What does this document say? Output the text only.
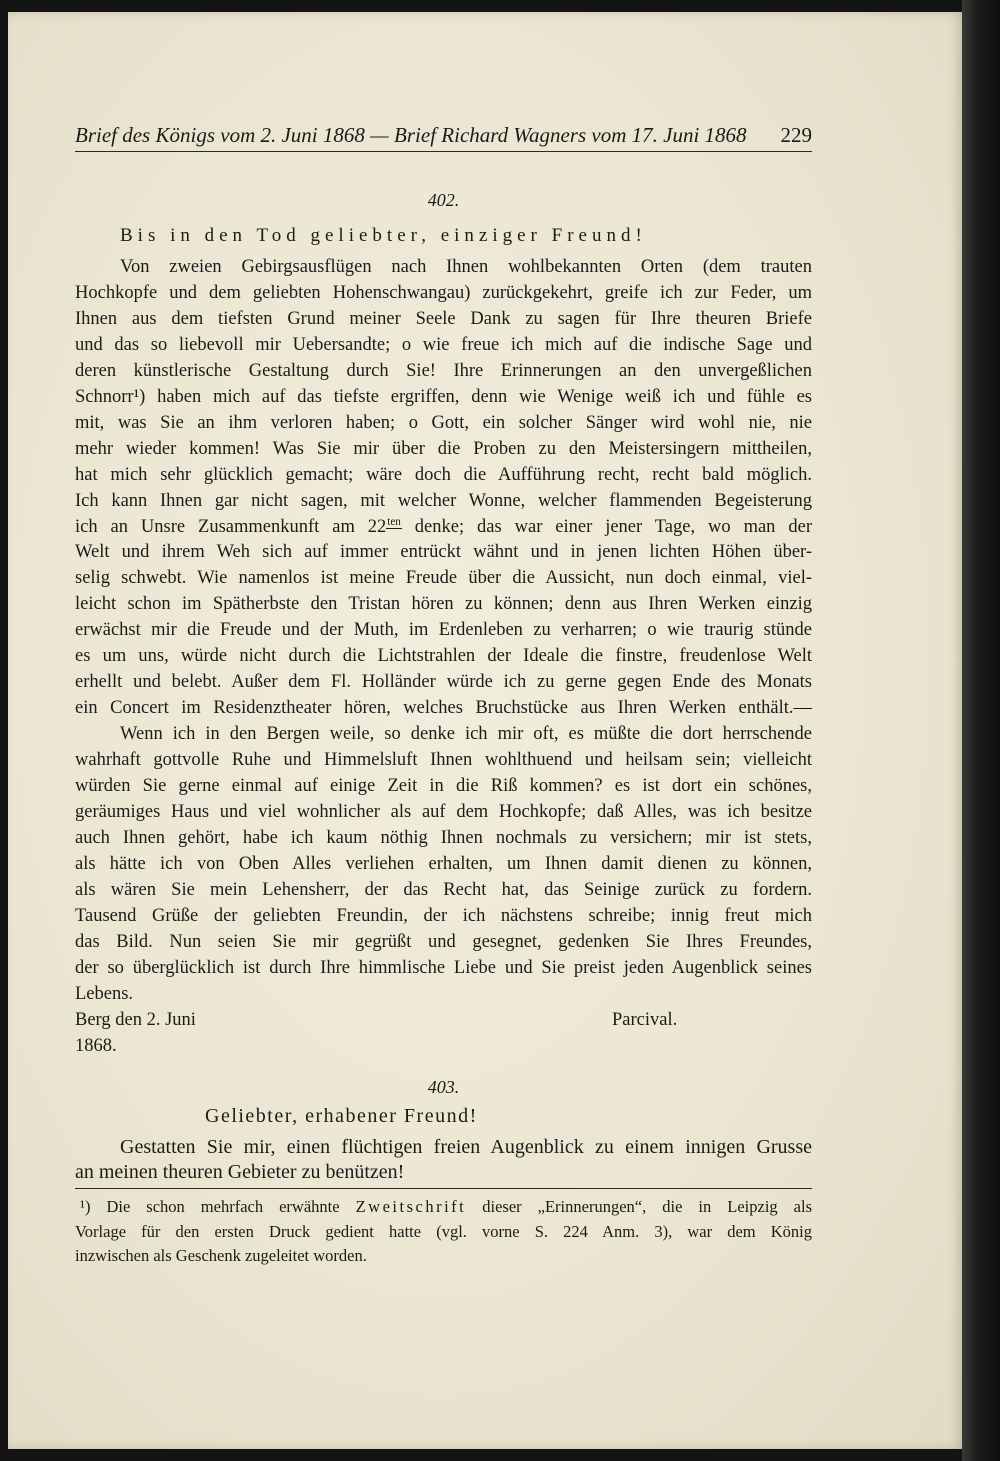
Brief des Königs vom 2. Juni 1868 — Brief Richard Wagners vom 17. Juni 1868 229
402.
Bis in den Tod geliebter, einziger Freund!
Von zweien Gebirgsausflügen nach Ihnen wohlbekannten Orten (dem trauten
Hochkopfe und dem geliebten Hohenschwangau) zurückgekehrt, greife ich zur Feder, um
Ihnen aus dem tiefsten Grund meiner Seele Dank zu sagen für Ihre theuren Briefe
und das so liebevoll mir Uebersandte; o wie freue ich mich auf die indische Sage und
deren künstlerische Gestaltung durch Sie! Ihre Erinnerungen an den unvergeßlichen
Schnorr¹) haben mich auf das tiefste ergriffen, denn wie Wenige weiß ich und fühle es
mit, was Sie an ihm verloren haben; o Gott, ein solcher Sänger wird wohl nie, nie
mehr wieder kommen! Was Sie mir über die Proben zu den Meistersingern mittheilen,
hat mich sehr glücklich gemacht; wäre doch die Aufführung recht, recht bald möglich.
Ich kann Ihnen gar nicht sagen, mit welcher Wonne, welcher flammenden Begeisterung
ich an Unsre Zusammenkunft am 22ten denke; das war einer jener Tage, wo man der
Welt und ihrem Weh sich auf immer entrückt wähnt und in jenen lichten Höhen über-
selig schwebt. Wie namenlos ist meine Freude über die Aussicht, nun doch einmal, viel-
leicht schon im Spätherbste den Tristan hören zu können; denn aus Ihren Werken einzig
erwächst mir die Freude und der Muth, im Erdenleben zu verharren; o wie traurig stünde
es um uns, würde nicht durch die Lichtstrahlen der Ideale die finstre, freudenlose Welt
erhellt und belebt. Außer dem Fl. Holländer würde ich zu gerne gegen Ende des Monats
ein Concert im Residenztheater hören, welches Bruchstücke aus Ihren Werken enthält.—
Wenn ich in den Bergen weile, so denke ich mir oft, es müßte die dort herrschende
wahrhaft gottvolle Ruhe und Himmelsluft Ihnen wohlthuend und heilsam sein; vielleicht
würden Sie gerne einmal auf einige Zeit in die Riß kommen? es ist dort ein schönes,
geräumiges Haus und viel wohnlicher als auf dem Hochkopfe; daß Alles, was ich besitze
auch Ihnen gehört, habe ich kaum nöthig Ihnen nochmals zu versichern; mir ist stets,
als hätte ich von Oben Alles verliehen erhalten, um Ihnen damit dienen zu können,
als wären Sie mein Lehensherr, der das Recht hat, das Seinige zurück zu fordern.
Tausend Grüße der geliebten Freundin, der ich nächstens schreibe; innig freut mich
das Bild. Nun seien Sie mir gegrüßt und gesegnet, gedenken Sie Ihres Freundes,
der so überglücklich ist durch Ihre himmlische Liebe und Sie preist jeden Augenblick seines
Lebens.
Berg den 2. Juni	Parcival.
1868.
403.
Geliebter, erhabener Freund!
Gestatten Sie mir, einen flüchtigen freien Augenblick zu einem innigen Grusse
an meinen theuren Gebieter zu benützen!
¹) Die schon mehrfach erwähnte Zweitschrift dieser „Erinnerungen“, die in Leipzig als
Vorlage für den ersten Druck gedient hatte (vgl. vorne S. 224 Anm. 3), war dem König
inzwischen als Geschenk zugeleitet worden.
